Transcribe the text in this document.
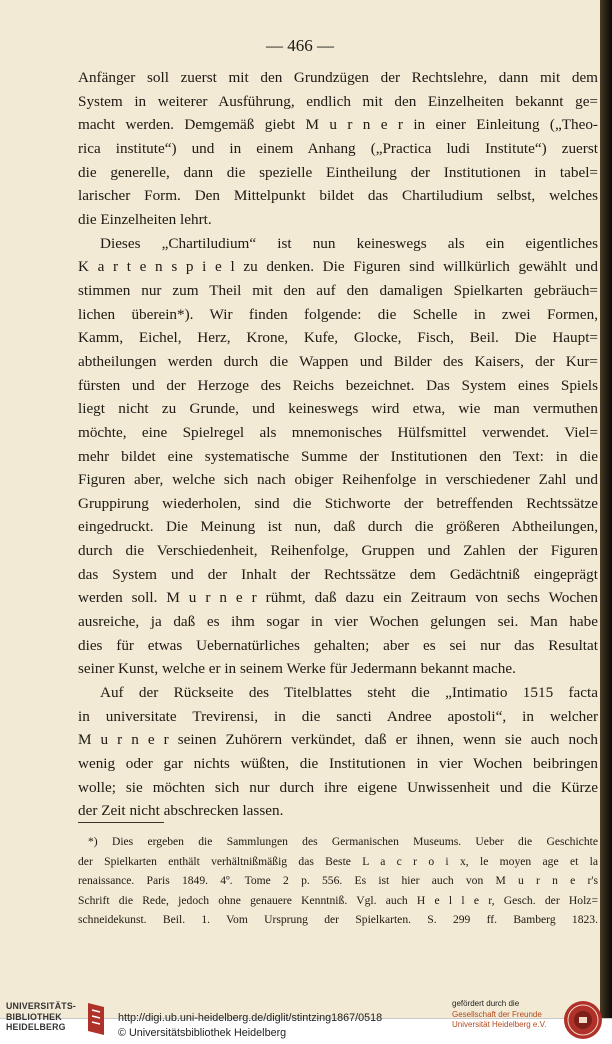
— 466 —

Anfänger soll zuerst mit den Grundzügen der Rechtslehre, dann mit dem
System in weiterer Ausführung, endlich mit den Einzelheiten bekannt ge=
macht werden. Demgemäß giebt M u r n e r in einer Einleitung („Theo-
rica institute“) und in einem Anhang („Practica ludi Institute“) zuerst
die generelle, dann die spezielle Eintheilung der Institutionen in tabel=
larischer Form. Den Mittelpunkt bildet das Chartiludium selbst, welches
die Einzelheiten lehrt.

Dieses „Chartiludium“ ist nun keineswegs als ein eigentliches
K a r t e n s p i e l zu denken. Die Figuren sind willkürlich gewählt und
stimmen nur zum Theil mit den auf den damaligen Spielkarten gebräuch=
lichen überein*). Wir finden folgende: die Schelle in zwei Formen,
Kamm, Eichel, Herz, Krone, Kufe, Glocke, Fisch, Beil. Die Haupt=
abtheilungen werden durch die Wappen und Bilder des Kaisers, der Kur=
fürsten und der Herzoge des Reichs bezeichnet. Das System eines Spiels
liegt nicht zu Grunde, und keineswegs wird etwa, wie man vermuthen
möchte, eine Spielregel als mnemonisches Hülfsmittel verwendet. Viel=
mehr bildet eine systematische Summe der Institutionen den Text: in die
Figuren aber, welche sich nach obiger Reihenfolge in verschiedener Zahl und
Gruppirung wiederholen, sind die Stichworte der betreffenden Rechtssätze
eingedruckt. Die Meinung ist nun, daß durch die größeren Abtheilungen,
durch die Verschiedenheit, Reihenfolge, Gruppen und Zahlen der Figuren
das System und der Inhalt der Rechtssätze dem Gedächtniß eingeprägt
werden soll. M u r n e r rühmt, daß dazu ein Zeitraum von sechs Wochen
ausreiche, ja daß es ihm sogar in vier Wochen gelungen sei. Man habe
dies für etwas Uebernatürliches gehalten; aber es sei nur das Resultat
seiner Kunst, welche er in seinem Werke für Jedermann bekannt mache.

Auf der Rückseite des Titelblattes steht die „Intimatio 1515 facta
in universitate Trevirensi, in die sancti Andree apostoli“, in welcher
M u r n e r seinen Zuhörern verkündet, daß er ihnen, wenn sie auch noch
wenig oder gar nichts wüßten, die Institutionen in vier Wochen beibringen
wolle; sie möchten sich nur durch ihre eigene Unwissenheit und die Kürze
der Zeit nicht abschrecken lassen.

*) Dies ergeben die Sammlungen des Germanischen Museums. Ueber die Geschichte
der Spielkarten enthält verhältnißmäßig das Beste L a c r o i x, le moyen age et la
renaissance. Paris 1849. 4º. Tome 2 p. 556. Es ist hier auch von M u r n e r's
Schrift die Rede, jedoch ohne genauere Kenntniß. Vgl. auch H e l l e r, Gesch. der Holz=
schneidekunst. Beil. 1. Vom Ursprung der Spielkarten. S. 299 ff. Bamberg 1823.
UNIVERSITÄTS-
BIBLIOTHEK
HEIDELBERG
http://digi.ub.uni-heidelberg.de/diglit/stintzing1867/0518
© Universitätsbibliothek Heidelberg
gefördert durch die
Gesellschaft der Freunde
Universität Heidelberg e.V.
